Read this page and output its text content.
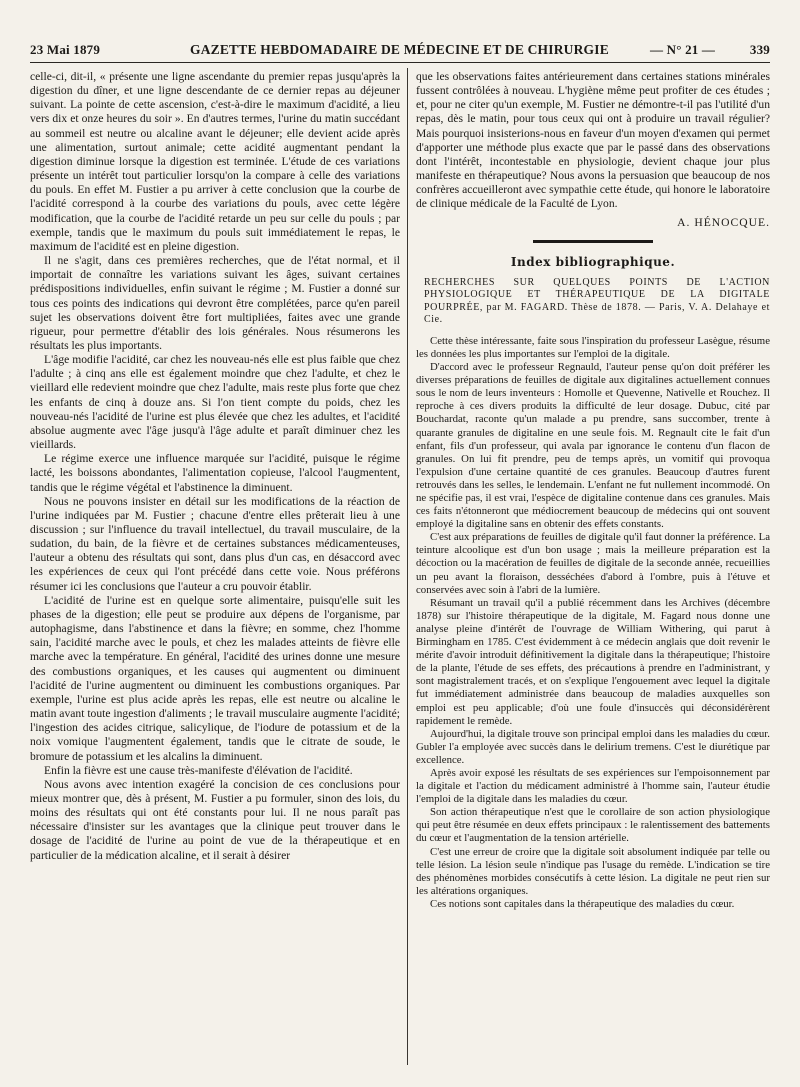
23 Mai 1879	GAZETTE HEBDOMADAIRE DE MÉDECINE ET DE CHIRURGIE	— N° 21 —	339

celle-ci, dit-il, « présente une ligne ascendante du premier repas jusqu'après la digestion du dîner, et une ligne descendante de ce dernier repas au déjeuner suivant. La pointe de cette ascension, c'est-à-dire le maximum d'acidité, a lieu vers dix et onze heures du soir ». En d'autres termes, l'urine du matin succédant au sommeil est neutre ou alcaline avant le déjeuner; elle devient acide après une alimentation, surtout animale; cette acidité augmentant pendant la digestion diminue lorsque la digestion est terminée. L'étude de ces variations présente un intérêt tout particulier lorsqu'on la compare à celle des variations du pouls. En effet M. Fustier a pu arriver à cette conclusion que la courbe de l'acidité correspond à la courbe des variations du pouls, avec cette légère modification, que la courbe de l'acidité retarde un peu sur celle du pouls ; par exemple, tandis que le maximum du pouls suit immédiatement le repas, le maximum de l'acidité est en pleine digestion.

Il ne s'agit, dans ces premières recherches, que de l'état normal, et il importait de connaître les variations suivant les âges, suivant certaines prédispositions individuelles, enfin suivant le régime ; M. Fustier a donné sur tous ces points des indications qui devront être complétées, parce qu'en pareil sujet les observations doivent être fort multipliées, faites avec une grande rigueur, pour permettre d'établir des lois générales. Nous résumerons les résultats les plus importants.

L'âge modifie l'acidité, car chez les nouveau-nés elle est plus faible que chez l'adulte ; à cinq ans elle est également moindre que chez l'adulte, et chez le vieillard elle redevient moindre que chez l'adulte, mais reste plus forte que chez les enfants de cinq à douze ans. Si l'on tient compte du poids, chez les nouveau-nés l'acidité de l'urine est plus élevée que chez les adultes, et l'acidité absolue augmente avec l'âge jusqu'à l'âge adulte et paraît diminuer chez les vieillards.

Le régime exerce une influence marquée sur l'acidité, puisque le régime lacté, les boissons abondantes, l'alimentation copieuse, l'alcool l'augmentent, tandis que le régime végétal et l'abstinence la diminuent.

Nous ne pouvons insister en détail sur les modifications de la réaction de l'urine indiquées par M. Fustier ; chacune d'entre elles prêterait lieu à une discussion ; sur l'influence du travail intellectuel, du travail musculaire, de la sudation, du bain, de la fièvre et de certaines substances médicamenteuses, l'auteur a obtenu des résultats qui sont, dans plus d'un cas, en désaccord avec les expériences de ceux qui l'ont précédé dans cette voie. Nous préférons résumer ici les conclusions que l'auteur a cru pouvoir établir.

L'acidité de l'urine est en quelque sorte alimentaire, puisqu'elle suit les phases de la digestion; elle peut se produire aux dépens de l'organisme, par autophagisme, dans l'abstinence et dans la fièvre; en somme, chez l'homme sain, l'acidité marche avec le pouls, et chez les malades atteints de fièvre elle marche avec la température. En général, l'acidité des urines donne une mesure des combustions organiques, et les causes qui augmentent ou diminuent l'acidité de l'urine augmentent ou diminuent les combustions organiques. Par exemple, l'urine est plus acide après les repas, elle est neutre ou alcaline le matin avant toute ingestion d'aliments ; le travail musculaire augmente l'acidité; l'ingestion des acides citrique, salicylique, de l'iodure de potassium et de la noix vomique l'augmentent également, tandis que le citrate de soude, le bromure de potassium et les alcalins la diminuent.

Enfin la fièvre est une cause très-manifeste d'élévation de l'acidité.

Nous avons avec intention exagéré la concision de ces conclusions pour mieux montrer que, dès à présent, M. Fustier a pu formuler, sinon des lois, du moins des résultats qui ont été constants pour lui. Il ne nous paraît pas nécessaire d'insister sur les avantages que la clinique peut trouver dans le dosage de l'acidité de l'urine au point de vue de la thérapeutique et en particulier de la médication alcaline, et il serait à désirer

que les observations faites antérieurement dans certaines stations minérales fussent contrôlées à nouveau. L'hygiène même peut profiter de ces études ; et, pour ne citer qu'un exemple, M. Fustier ne démontre-t-il pas l'utilité d'un repas, dès le matin, pour tous ceux qui ont à produire un travail régulier? Mais pourquoi insisterions-nous en faveur d'un moyen d'examen qui permet d'apporter une méthode plus exacte que par le passé dans des observations dont l'intérêt, incontestable en physiologie, devient chaque jour plus manifeste en thérapeutique? Nous avons la persuasion que beaucoup de nos confrères accueilleront avec sympathie cette étude, qui honore le laboratoire de clinique médicale de la Faculté de Lyon.

A. HÉNOCQUE.

Index bibliographique.

RECHERCHES SUR QUELQUES POINTS DE L'ACTION PHYSIOLOGIQUE ET THÉRAPEUTIQUE DE LA DIGITALE POURPRÉE, par M. FAGARD. Thèse de 1878. — Paris, V. A. Delahaye et Cie.

Cette thèse intéressante, faite sous l'inspiration du professeur Lasègue, résume les données les plus importantes sur l'emploi de la digitale.

D'accord avec le professeur Regnauld, l'auteur pense qu'on doit préférer les diverses préparations de feuilles de digitale aux digitalines actuellement connues sous le nom de leurs inventeurs : Homolle et Quevenne, Nativelle et Rouchez. Il reproche à ces divers produits la difficulté de leur dosage. Dubuc, cité par Bouchardat, raconte qu'un malade a pu prendre, sans succomber, trente à quarante granules de digitaline en une seule fois. M. Regnault cite le fait d'un enfant, fils d'un professeur, qui avala par ignorance le contenu d'un flacon de granules. On lui fit prendre, peu de temps après, un vomitif qui provoqua l'expulsion d'une certaine quantité de ces granules. Beaucoup d'autres furent retrouvés dans les selles, le lendemain. L'enfant ne fut nullement incommodé. On ne spécifie pas, il est vrai, l'espèce de digitaline contenue dans ces granules. Mais ces faits n'étonneront que médiocrement beaucoup de médecins qui ont souvent employé la digitaline sans en obtenir des effets constants.

C'est aux préparations de feuilles de digitale qu'il faut donner la préférence. La teinture alcoolique est d'un bon usage ; mais la meilleure préparation est la décoction ou la macération de feuilles de digitale de la seconde année, recueillies un peu avant la floraison, desséchées d'abord à l'ombre, puis à l'étuve et conservées avec soin à l'abri de la lumière.

Résumant un travail qu'il a publié récemment dans les Archives (décembre 1878) sur l'histoire thérapeutique de la digitale, M. Fagard nous donne une analyse pleine d'intérêt de l'ouvrage de William Withering, qui parut à Birmingham en 1785. C'est évidemment à ce médecin anglais que doit revenir le mérite d'avoir introduit définitivement la digitale dans la thérapeutique; l'histoire de la plante, l'étude de ses effets, des précautions à prendre en l'administrant, y sont magistralement tracés, et on s'explique l'engouement avec lequel la digitale fut immédiatement administrée dans beaucoup de maladies auxquelles son emploi est peu applicable; d'où une foule d'insuccès qui déconsidérèrent rapidement le remède.

Aujourd'hui, la digitale trouve son principal emploi dans les maladies du cœur. Gubler l'a employée avec succès dans le delirium tremens. C'est le diurétique par excellence.

Après avoir exposé les résultats de ses expériences sur l'empoisonnement par la digitale et l'action du médicament administré à l'homme sain, l'auteur étudie l'emploi de la digitale dans les maladies du cœur.

Son action thérapeutique n'est que le corollaire de son action physiologique qui peut être résumée en deux effets principaux : le ralentissement des battements du cœur et l'augmentation de la tension artérielle.

C'est une erreur de croire que la digitale soit absolument indiquée par telle ou telle lésion. La lésion seule n'indique pas l'usage du remède. L'indication se tire des phénomènes morbides consécutifs à cette lésion. La digitale ne peut rien sur les altérations organiques.

Ces notions sont capitales dans la thérapeutique des maladies du cœur.
